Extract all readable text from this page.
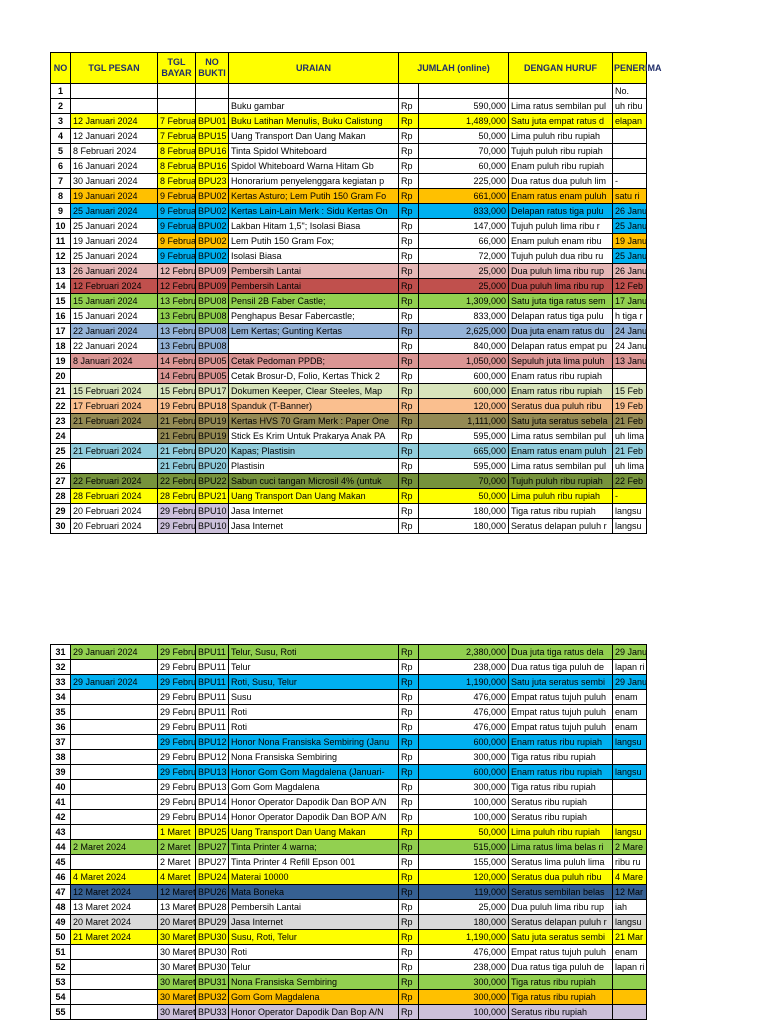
NO	TGL PESAN	TGL BAYAR	NO BUKTI	URAIAN	JUMLAH (online)		DENGAN HURUF	PENERIMA
1								No.
2				Buku gambar	Rp	590,000	Lima ratus sembilan pul	uh ribu
3	12 Januari 2024	7 Februa	BPU01	Buku Latihan Menulis, Buku Calistung	Rp	1,489,000	Satu juta empat ratus d	elapan
4	12 Januari 2024	7 Februa	BPU15	Uang Transport Dan Uang Makan	Rp	50,000	Lima puluh ribu rupiah	
5	8 Februari 2024	8 Februa	BPU16	Tinta Spidol Whiteboard	Rp	70,000	Tujuh puluh ribu rupiah	
6	16 Januari 2024	8 Februa	BPU16	Spidol Whiteboard Warna Hitam Gb	Rp	60,000	Enam puluh ribu rupiah	
7	30 Januari 2024	8 Februa	BPU23	Honorarium penyelenggara kegiatan p	Rp	225,000	Dua ratus dua puluh lim	-
8	19 Januari 2024	9 Februa	BPU02	Kertas Asturo; Lem Putih 150 Gram Fo	Rp	661,000	Enam ratus enam puluh	satu ri
9	25 Januari 2024	9 Februa	BPU02	Kertas Lain-Lain Merk : Sidu Kertas On	Rp	833,000	Delapan ratus tiga pulu	26 Janu
10	25 Januari 2024	9 Februa	BPU02	Lakban Hitam 1,5"; Isolasi Biasa	Rp	147,000	Tujuh puluh lima ribu r	25 Janu
11	19 Januari 2024	9 Februa	BPU02	Lem Putih 150 Gram Fox;	Rp	66,000	Enam puluh enam ribu	19 Janu
12	25 Januari 2024	9 Februa	BPU02	Isolasi Biasa	Rp	72,000	Tujuh puluh dua ribu ru	25 Janu
13	26 Januari 2024	12 Febru	BPU09	Pembersih Lantai	Rp	25,000	Dua puluh lima ribu rup	26 Janu
14	12 Februari 2024	12 Febru	BPU09	Pembersih Lantai	Rp	25,000	Dua puluh lima ribu rup	12 Feb
15	15 Januari 2024	13 Febru	BPU08	Pensil 2B Faber Castle;	Rp	1,309,000	Satu juta tiga ratus sem	17 Janu
16	15 Januari 2024	13 Febru	BPU08	Penghapus Besar Fabercastle;	Rp	833,000	Delapan ratus tiga pulu	h tiga r
17	22 Januari 2024	13 Febru	BPU08	Lem Kertas; Gunting Kertas	Rp	2,625,000	Dua juta enam ratus du	24 Janu
18	22 Januari 2024	13 Febru	BPU08		Rp	840,000	Delapan ratus empat pu	24 Janu
19	8 Januari 2024	14 Febru	BPU05	Cetak Pedoman PPDB;	Rp	1,050,000	Sepuluh juta lima puluh	13 Janu
20		14 Febru	BPU05	Cetak Brosur-D, Folio, Kertas Thick 2	Rp	600,000	Enam ratus ribu rupiah	
21	15 Februari 2024	15 Febru	BPU17	Dokumen Keeper, Clear Steeles, Map	Rp	600,000	Enam ratus ribu rupiah	15 Feb
22	17 Februari 2024	19 Febru	BPU18	Spanduk (T-Banner)	Rp	120,000	Seratus dua puluh ribu	19 Feb
23	21 Februari 2024	21 Febru	BPU19	Kertas HVS 70 Gram Merk : Paper One	Rp	1,111,000	Satu juta seratus sebela	21 Feb
24		21 Febru	BPU19	Stick Es Krim Untuk Prakarya Anak PA	Rp	595,000	Lima ratus sembilan pul	uh lima
25	21 Februari 2024	21 Febru	BPU20	Kapas; Plastisin	Rp	665,000	Enam ratus enam puluh	21 Feb
26		21 Febru	BPU20	Plastisin	Rp	595,000	Lima ratus sembilan pul	uh lima
27	22 Februari 2024	22 Febru	BPU22	Sabun cuci tangan Microsil 4% (untuk	Rp	70,000	Tujuh puluh ribu rupiah	22 Feb
28	28 Februari 2024	28 Febru	BPU21	Uang Transport Dan Uang Makan	Rp	50,000	Lima puluh ribu rupiah	-
29	20 Februari 2024	29 Febru	BPU10	Jasa Internet	Rp	180,000	Tiga ratus ribu rupiah	langsu
30	20 Februari 2024	29 Febru	BPU10	Jasa Internet	Rp	180,000	Seratus delapan puluh r	langsu
31	29 Januari 2024	29 Febru	BPU11	Telur, Susu, Roti	Rp	2,380,000	Dua juta tiga ratus dela	29 Janu
32		29 Febru	BPU11	Telur	Rp	238,000	Dua ratus tiga puluh de	lapan ri
33	29 Januari 2024	29 Febru	BPU11	Roti, Susu, Telur	Rp	1,190,000	Satu juta seratus sembi	29 Janu
34		29 Febru	BPU11	Susu	Rp	476,000	Empat ratus tujuh puluh	enam
35		29 Febru	BPU11	Roti	Rp	476,000	Empat ratus tujuh puluh	enam
36		29 Febru	BPU11	Roti	Rp	476,000	Empat ratus tujuh puluh	enam
37		29 Febru	BPU12	Honor Nona Fransiska Sembiring (Janu	Rp	600,000	Enam ratus ribu rupiah	langsu
38		29 Febru	BPU12	Nona Fransiska Sembiring	Rp	300,000	Tiga ratus ribu rupiah	
39		29 Febru	BPU13	Honor Gom Gom Magdalena (Januari-	Rp	600,000	Enam ratus ribu rupiah	langsu
40		29 Febru	BPU13	Gom Gom Magdalena	Rp	300,000	Tiga ratus ribu rupiah	
41		29 Febru	BPU14	Honor Operator Dapodik Dan BOP A/N	Rp	100,000	Seratus ribu rupiah	
42		29 Febru	BPU14	Honor Operator Dapodik Dan BOP A/N	Rp	100,000	Seratus ribu rupiah	
43		1 Maret	BPU25	Uang Transport Dan Uang Makan	Rp	50,000	Lima puluh ribu rupiah	langsu
44	2 Maret 2024	2 Maret	BPU27	Tinta Printer 4 warna;	Rp	515,000	Lima ratus lima belas ri	2 Mare
45		2 Maret	BPU27	Tinta Printer 4 Refill Epson 001	Rp	155,000	Seratus lima puluh lima	ribu ru
46	4 Maret 2024	4 Maret	BPU24	Materai 10000	Rp	120,000	Seratus dua puluh ribu	4 Mare
47	12 Maret 2024	12 Maret	BPU26	Mata Boneka	Rp	119,000	Seratus sembilan belas	12 Mar
48	13 Maret 2024	13 Maret	BPU28	Pembersih Lantai	Rp	25,000	Dua puluh lima ribu rup	iah
49	20 Maret 2024	20 Maret	BPU29	Jasa Internet	Rp	180,000	Seratus delapan puluh r	langsu
50	21 Maret 2024	30 Maret	BPU30	Susu, Roti, Telur	Rp	1,190,000	Satu juta seratus sembi	21 Mar
51		30 Maret	BPU30	Roti	Rp	476,000	Empat ratus tujuh puluh	enam
52		30 Maret	BPU30	Telur	Rp	238,000	Dua ratus tiga puluh de	lapan ri
53		30 Maret	BPU31	Nona Fransiska Sembiring	Rp	300,000	Tiga ratus ribu rupiah	
54		30 Maret	BPU32	Gom Gom Magdalena	Rp	300,000	Tiga ratus ribu rupiah	
55		30 Maret	BPU33	Honor Operator Dapodik Dan Bop A/N	Rp	100,000	Seratus ribu rupiah	
